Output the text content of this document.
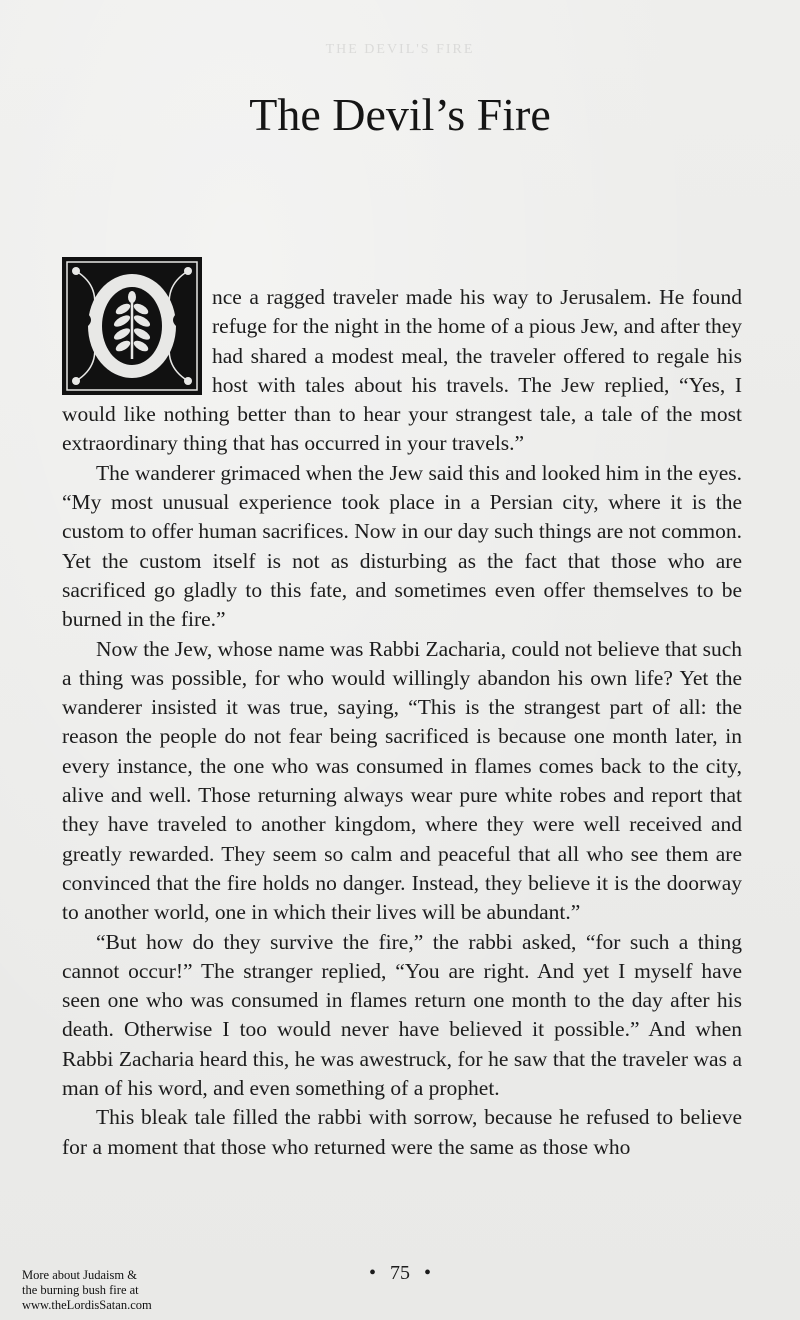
THE DEVIL'S FIRE
The Devil’s Fire

nce a ragged traveler made his way to Jerusalem. He found refuge for the night in the home of a pious Jew, and after they had shared a modest meal, the traveler offered to regale his host with tales about his travels. The Jew replied, “Yes, I would like nothing better than to hear your strangest tale, a tale of the most extraordinary thing that has occurred in your travels.”

The wanderer grimaced when the Jew said this and looked him in the eyes. “My most unusual experience took place in a Persian city, where it is the custom to offer human sacrifices. Now in our day such things are not common. Yet the custom itself is not as disturbing as the fact that those who are sacrificed go gladly to this fate, and sometimes even offer themselves to be burned in the fire.”

Now the Jew, whose name was Rabbi Zacharia, could not believe that such a thing was possible, for who would willingly abandon his own life? Yet the wanderer insisted it was true, saying, “This is the strangest part of all: the reason the people do not fear being sacrificed is because one month later, in every instance, the one who was consumed in flames comes back to the city, alive and well. Those returning always wear pure white robes and report that they have traveled to another kingdom, where they were well received and greatly rewarded. They seem so calm and peaceful that all who see them are convinced that the fire holds no danger. Instead, they believe it is the doorway to another world, one in which their lives will be abundant.”

“But how do they survive the fire,” the rabbi asked, “for such a thing cannot occur!” The stranger replied, “You are right. And yet I myself have seen one who was consumed in flames return one month to the day after his death. Otherwise I too would never have believed it possible.” And when Rabbi Zacharia heard this, he was awestruck, for he saw that the traveler was a man of his word, and even something of a prophet.

This bleak tale filled the rabbi with sorrow, because he refused to believe for a moment that those who returned were the same as those who

• 75 •
More about Judaism &
the burning bush fire at
www.theLordisSatan.com
